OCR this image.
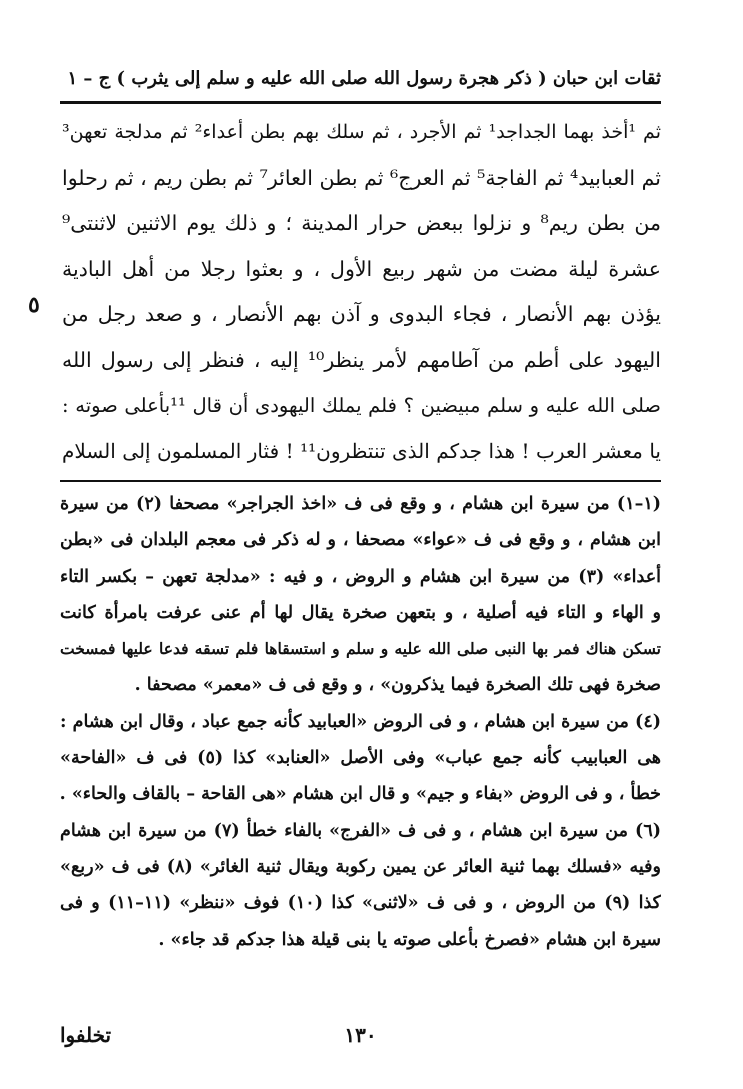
ثقات ابن حبان ( ذكر هجرة رسول الله صلى الله عليه و سلم إلى يثرب ) ج – ١
ثم ¹أخذ بهما الجداجد¹ ثم الأجرد ، ثم سلك بهم بطن أعداء² ثم مدلجة تعهن³
ثم العبابيد⁴ ثم الفاجة⁵ ثم العرج⁶ ثم بطن العائر⁷ ثم بطن ريم ، ثم رحلوا
من بطن ريم⁸ و نزلوا ببعض حرار المدينة ؛ و ذلك يوم الاثنين لاثنتى⁹
عشرة ليلة مضت من شهر ربيع الأول ، و بعثوا رجلا من أهل البادية
يؤذن بهم الأنصار ، فجاء البدوى و آذن بهم الأنصار ، و صعد رجل من
اليهود على أطم من آطامهم لأمر ينظر¹⁰ إليه ، فنظر إلى رسول الله
صلى الله عليه و سلم مبيضين ؟ فلم يملك اليهودى أن قال ¹¹بأعلى صوته :
يا معشر العرب ! هذا جدكم الذى تنتظرون¹¹ ! فثار المسلمون إلى السلام
٥
(١–١) من سيرة ابن هشام ، و وقع فى ف «اخذ الجراجر» مصحفا (٢) من سيرة
ابن هشام ، و وقع فى ف «عواء» مصحفا ، و له ذكر فى معجم البلدان فى «بطن
أعداء» (٣) من سيرة ابن هشام و الروض ، و فيه : «مدلجة تعهن – بكسر التاء
و الهاء و التاء فيه أصلية ، و بتعهن صخرة يقال لها أم عنى عرفت بامرأة كانت
تسكن هناك فمر بها النبى صلى الله عليه و سلم و استسقاها فلم تسقه فدعا عليها فمسخت
صخرة فهى تلك الصخرة فيما يذكرون» ، و وقع فى ف «معمر» مصحفا .
(٤) من سيرة ابن هشام ، و فى الروض «العبابيد كأنه جمع عباد ، وقال ابن هشام :
هى العبابيب كأنه جمع عباب» وفى الأصل «العنابد» كذا (٥) فى ف «الفاحة»
خطأ ، و فى الروض «بفاء و جيم» و قال ابن هشام «هى القاحة – بالقاف والحاء» .
(٦) من سيرة ابن هشام ، و فى ف «الفرج» بالفاء خطأ (٧) من سيرة ابن هشام
وفيه «فسلك بهما ثنية العائر عن يمين ركوبة ويقال ثنية الغائر» (٨) فى ف «ربع»
كذا (٩) من الروض ، و فى ف «لاثنى» كذا (١٠) فوف «ننظر» (١١–١١) و فى
سيرة ابن هشام «فصرخ بأعلى صوته يا بنى قيلة هذا جدكم قد جاء» .
١٣٠
تخلفوا
